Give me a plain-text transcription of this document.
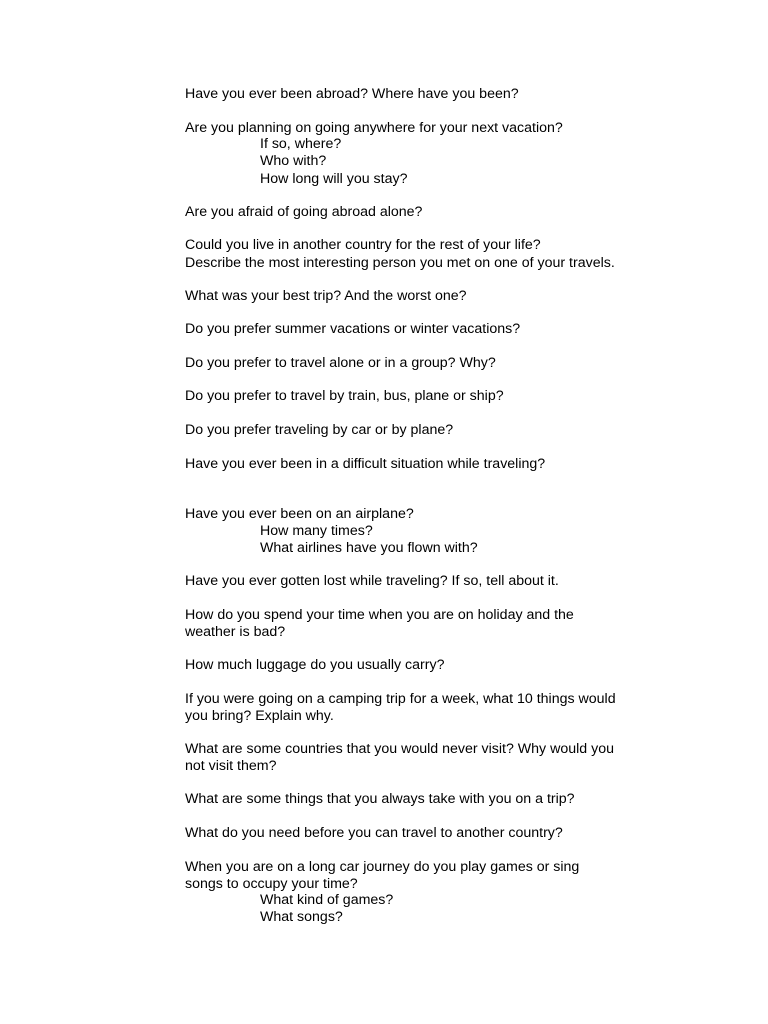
Have you ever been abroad? Where have you been?
Are you planning on going anywhere for your next vacation?
If so, where?
Who with?
How long will you stay?
Are you afraid of going abroad alone?
Could you live in another country for the rest of your life?
Describe the most interesting person you met on one of your travels.
What was your best trip? And the worst one?
Do you prefer summer vacations or winter vacations?
Do you prefer to travel alone or in a group? Why?
Do you prefer to travel by train, bus, plane or ship?
Do you prefer traveling by car or by plane?
Have you ever been in a difficult situation while traveling?
Have you ever been on an airplane?
How many times?
What airlines have you flown with?
Have you ever gotten lost while traveling? If so, tell about it.
How do you spend your time when you are on holiday and the
weather is bad?
How much luggage do you usually carry?
If you were going on a camping trip for a week, what 10 things would
you bring? Explain why.
What are some countries that you would never visit? Why would you
not visit them?
What are some things that you always take with you on a trip?
What do you need before you can travel to another country?
When you are on a long car journey do you play games or sing
songs to occupy your time?
What kind of games?
What songs?
